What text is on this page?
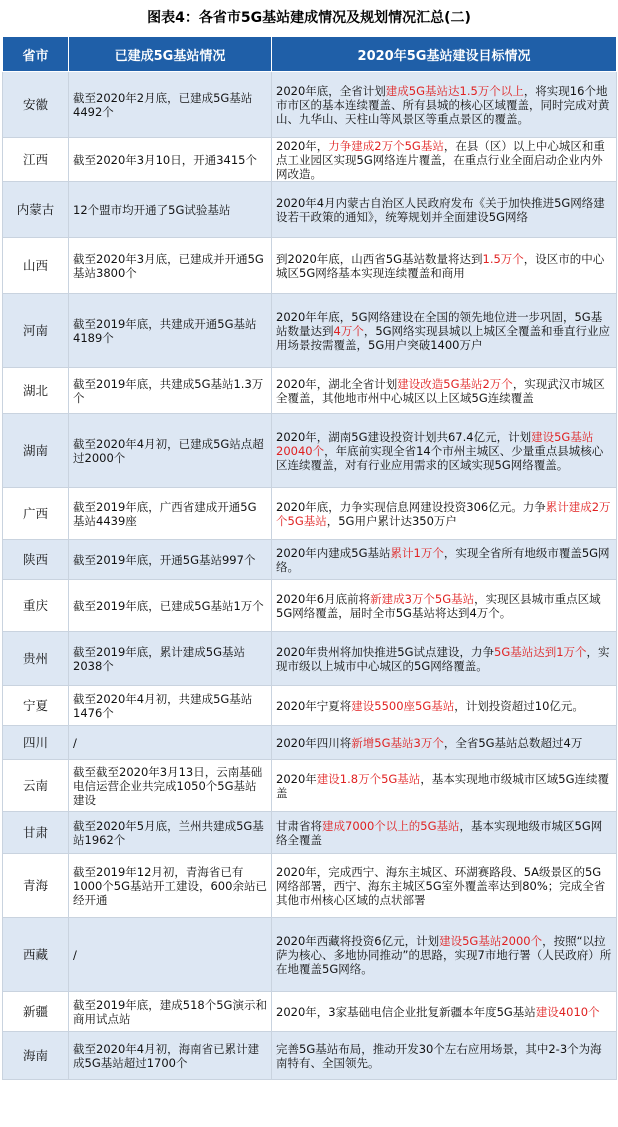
图表4：各省市5G基站建成情况及规划情况汇总(二)
省市	已建成5G基站情况	2020年5G基站建设目标情况
安徽	截至2020年2月底，已建成5G基站4492个	2020年底，全省计划建成5G基站达1.5万个以上，将实现16个地市市区的基本连续覆盖、所有县城的核心区域覆盖，同时完成对黄山、九华山、天柱山等风景区等重点景区的覆盖。
江西	截至2020年3月10日，开通3415个	2020年，力争建成2万个5G基站，在县（区）以上中心城区和重点工业园区实现5G网络连片覆盖，在重点行业全面启动企业内外网改造。
内蒙古	12个盟市均开通了5G试验基站	2020年4月内蒙古自治区人民政府发布《关于加快推进5G网络建设若干政策的通知》，统筹规划并全面建设5G网络
山西	截至2020年3月底，已建成并开通5G基站3800个	到2020年底，山西省5G基站数量将达到1.5万个，设区市的中心城区5G网络基本实现连续覆盖和商用
河南	截至2019年底，共建成开通5G基站4189个	2020年年底，5G网络建设在全国的领先地位进一步巩固，5G基站数量达到4万个，5G网络实现县城以上城区全覆盖和垂直行业应用场景按需覆盖，5G用户突破1400万户
湖北	截至2019年底，共建成5G基站1.3万个	2020年，湖北全省计划建设改造5G基站2万个，实现武汉市城区全覆盖，其他地市州中心城区以上区域5G连续覆盖
湖南	截至2020年4月初，已建成5G站点超过2000个	2020年，湖南5G建设投资计划共67.4亿元，计划建设5G基站20040个，年底前实现全省14个市州主城区、少量重点县城核心区连续覆盖，对有行业应用需求的区域实现5G网络覆盖。
广西	截至2019年底，广西省建成开通5G基站4439座	2020年底，力争实现信息网建设投资306亿元。力争累计建成2万个5G基站，5G用户累计达350万户
陕西	截至2019年底，开通5G基站997个	2020年内建成5G基站累计1万个，实现全省所有地级市覆盖5G网络。
重庆	截至2019年底，已建成5G基站1万个	2020年6月底前将新建成3万个5G基站，实现区县城市重点区域5G网络覆盖，届时全市5G基站将达到4万个。
贵州	截至2019年底，累计建成5G基站2038个	2020年贵州将加快推进5G试点建设，力争5G基站达到1万个，实现市级以上城市中心城区的5G网络覆盖。
宁夏	截至2020年4月初，共建成5G基站1476个	2020年宁夏将建设5500座5G基站，计划投资超过10亿元。
四川	/	2020年四川将新增5G基站3万个，全省5G基站总数超过4万
云南	截至截至2020年3月13日，云南基础电信运营企业共完成1050个5G基站建设	2020年建设1.8万个5G基站，基本实现地市级城市区域5G连续覆盖
甘肃	截至2020年5月底，兰州共建成5G基站1962个	甘肃省将建成7000个以上的5G基站，基本实现地级市城区5G网络全覆盖
青海	截至2019年12月初，青海省已有1000个5G基站开工建设，600余站已经开通	2020年，完成西宁、海东主城区、环湖赛路段、5A级景区的5G网络部署，西宁、海东主城区5G室外覆盖率达到80%；完成全省其他市州核心区域的点状部署
西藏	/	2020年西藏将投资6亿元，计划建设5G基站2000个，按照“以拉萨为核心、多地协同推动”的思路，实现7市地行署（人民政府）所在地覆盖5G网络。
新疆	截至2019年底，建成518个5G演示和商用试点站	2020年，3家基础电信企业批复新疆本年度5G基站建设4010个
海南	截至2020年4月初，海南省已累计建成5G基站超过1700个	完善5G基站布局，推动开发30个左右应用场景，其中2-3个为海南特有、全国领先。
